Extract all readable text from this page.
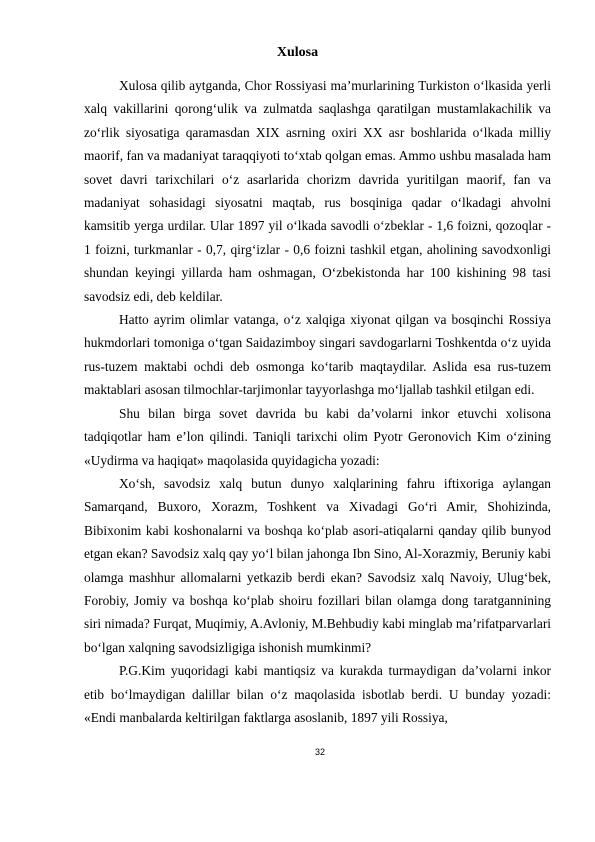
Xulosa

Xulosa qilib aytganda, Chor Rossiyasi ma’murlarining Turkiston o‘lkasida yerli xalq vakillarini qorong‘ulik va zulmatda saqlashga qaratilgan mustamlakachilik va zo‘rlik siyosatiga qaramasdan XIX asrning oxiri XX asr boshlarida o‘lkada milliy maorif, fan va madaniyat taraqqiyoti to‘xtab qolgan emas. Ammo ushbu masalada ham sovet davri tarixchilari o‘z asarlarida chorizm davrida yuritilgan maorif, fan va madaniyat sohasidagi siyosatni maqtab, rus bosqiniga qadar o‘lkadagi ahvolni kamsitib yerga urdilar. Ular 1897 yil o‘lkada savodli o‘zbeklar - 1,6 foizni, qozoqlar - 1 foizni, turkmanlar - 0,7, qirg‘izlar - 0,6 foizni tashkil etgan, aholining savodxonligi shundan keyingi yillarda ham oshmagan, O‘zbekistonda har 100 kishining 98 tasi savodsiz edi, deb keldilar.

Hatto ayrim olimlar vatanga, o‘z xalqiga xiyonat qilgan va bosqinchi Rossiya hukmdorlari tomoniga o‘tgan Saidazimboy singari savdogarlarni Toshkentda o‘z uyida rus-tuzem maktabi ochdi deb osmonga ko‘tarib maqtaydilar. Aslida esa rus-tuzem maktablari asosan tilmochlar-tarjimonlar tayyorlashga mo‘ljallab tashkil etilgan edi.

Shu bilan birga sovet davrida bu kabi da’volarni inkor etuvchi xolisona tadqiqotlar ham e’lon qilindi. Taniqli tarixchi olim Pyotr Geronovich Kim o‘zining «Uydirma va haqiqat» maqolasida quyidagicha yozadi:

Xo‘sh, savodsiz xalq butun dunyo xalqlarining fahru iftixoriga aylangan Samarqand, Buxoro, Xorazm, Toshkent va Xivadagi Go‘ri Amir, Shohizinda, Bibixonim kabi koshonalarni va boshqa ko‘plab asori-atiqalarni qanday qilib bunyod etgan ekan? Savodsiz xalq qay yo‘l bilan jahonga Ibn Sino, Al-Xorazmiy, Beruniy kabi olamga mashhur allomalarni yetkazib berdi ekan? Savodsiz xalq Navoiy, Ulug‘bek, Forobiy, Jomiy va boshqa ko‘plab shoiru fozillari bilan olamga dong taratgannining siri nimada? Furqat, Muqimiy, A.Avloniy, M.Behbudiy kabi minglab ma’rifatparvarlari bo‘lgan xalqning savodsizligiga ishonish mumkinmi?

P.G.Kim yuqoridagi kabi mantiqsiz va kurakda turmaydigan da’volarni inkor etib bo‘lmaydigan dalillar bilan o‘z maqolasida isbotlab berdi. U bunday yozadi: «Endi manbalarda keltirilgan faktlarga asoslanib, 1897 yili Rossiya,

32
